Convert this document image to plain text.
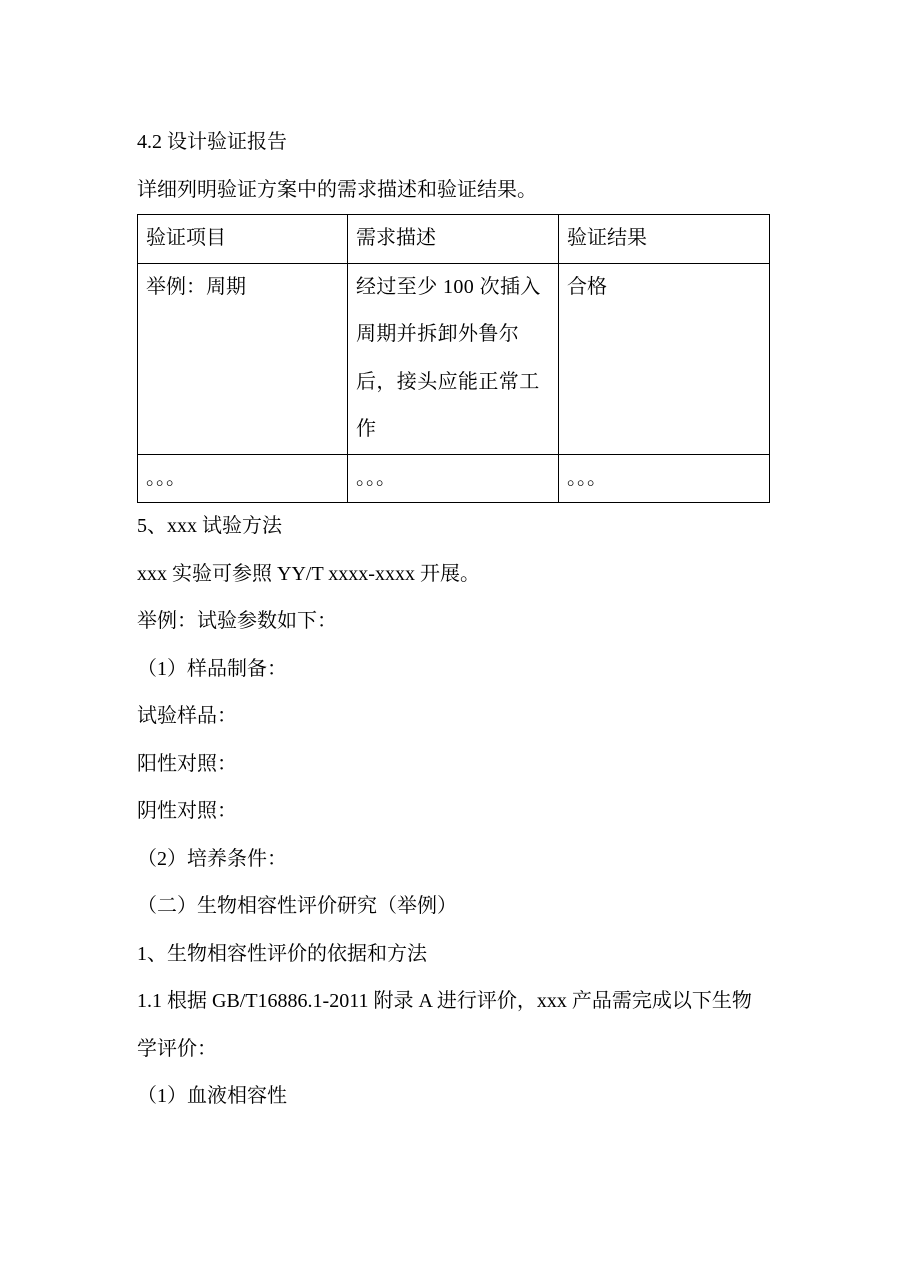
4.2 设计验证报告

详细列明验证方案中的需求描述和验证结果。

验证项目	需求描述	验证结果
举例：周期	经过至少 100 次插入周期并拆卸外鲁尔后，接头应能正常工作	合格
。。。	。。。	。。。

5、xxx 试验方法

xxx 实验可参照 YY/T xxxx-xxxx 开展。

举例：试验参数如下：

（1）样品制备：

试验样品：

阳性对照：

阴性对照：

（2）培养条件：

（二）生物相容性评价研究（举例）

1、生物相容性评价的依据和方法

1.1 根据 GB/T16886.1-2011 附录 A 进行评价，xxx 产品需完成以下生物学评价：

（1）血液相容性
